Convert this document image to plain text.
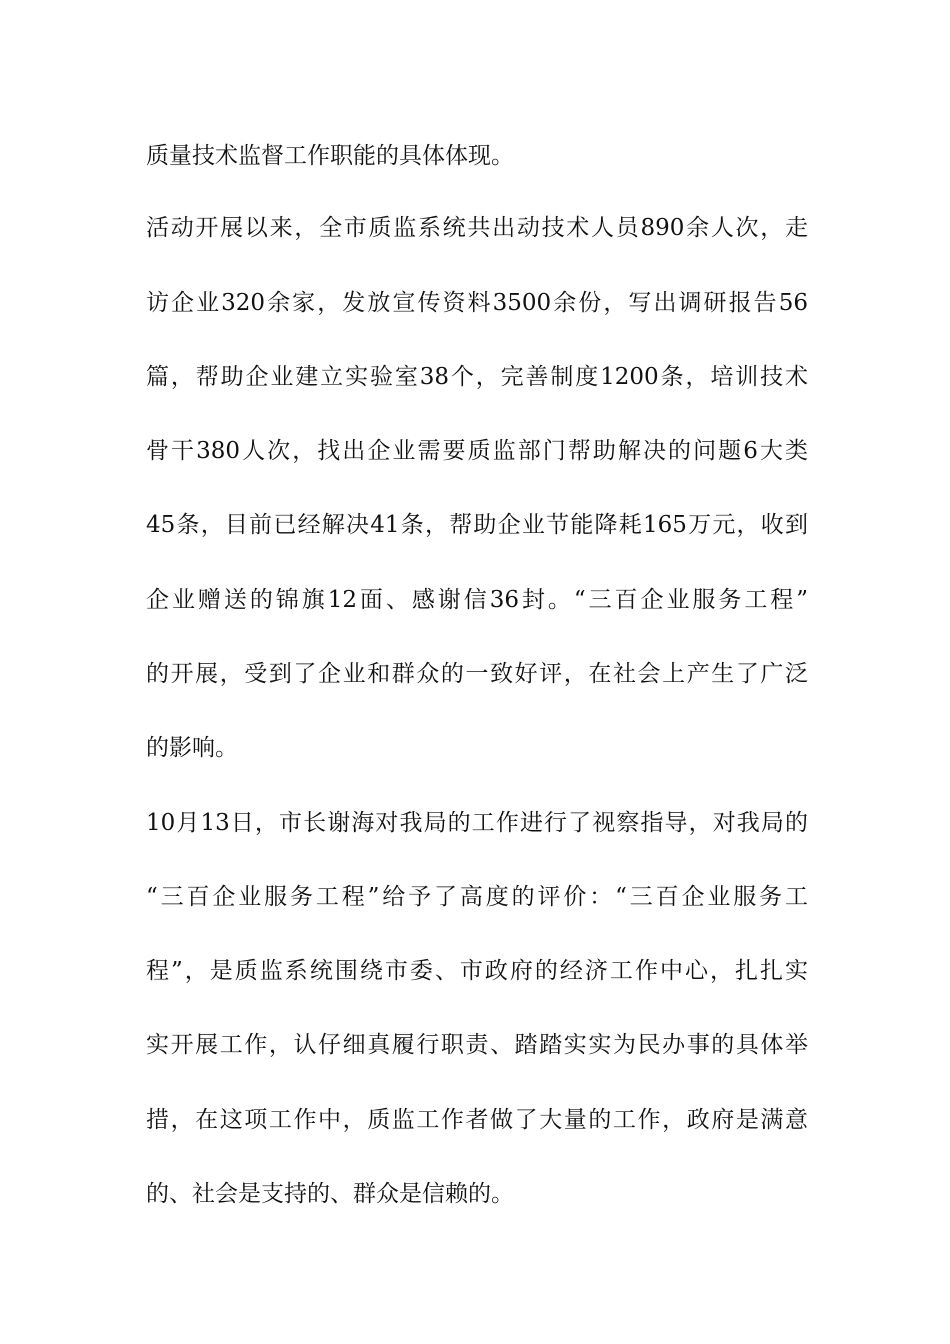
质量技术监督工作职能的具体体现。
活动开展以来，全市质监系统共出动技术人员890余人次，走
访企业320余家，发放宣传资料3500余份，写出调研报告56
篇，帮助企业建立实验室38个，完善制度1200条，培训技术
骨干380人次，找出企业需要质监部门帮助解决的问题6大类
45条，目前已经解决41条，帮助企业节能降耗165万元，收到
企业赠送的锦旗12面、感谢信36封。“三百企业服务工程”
的开展，受到了企业和群众的一致好评，在社会上产生了广泛
的影响。
10月13日，市长谢海对我局的工作进行了视察指导，对我局的
“三百企业服务工程”给予了高度的评价：“三百企业服务工
程”，是质监系统围绕市委、市政府的经济工作中心，扎扎实
实开展工作，认仔细真履行职责、踏踏实实为民办事的具体举
措，在这项工作中，质监工作者做了大量的工作，政府是满意
的、社会是支持的、群众是信赖的。
